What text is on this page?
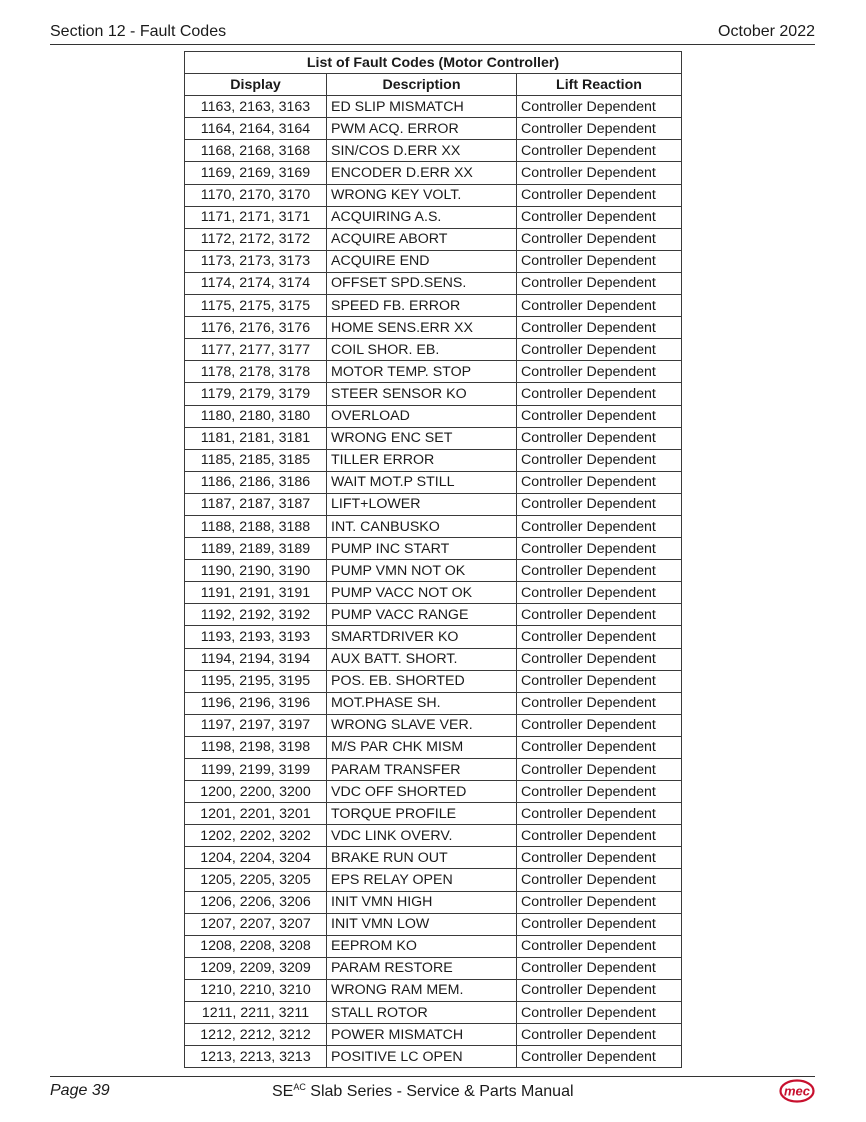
Section 12 - Fault Codes	October 2022
List of Fault Codes (Motor Controller)		
Display	Description	Lift Reaction
1163, 2163, 3163	ED SLIP MISMATCH	Controller Dependent
1164, 2164, 3164	PWM ACQ. ERROR	Controller Dependent
1168, 2168, 3168	SIN/COS D.ERR XX	Controller Dependent
1169, 2169, 3169	ENCODER D.ERR XX	Controller Dependent
1170, 2170, 3170	WRONG KEY VOLT.	Controller Dependent
1171, 2171, 3171	ACQUIRING A.S.	Controller Dependent
1172, 2172, 3172	ACQUIRE ABORT	Controller Dependent
1173, 2173, 3173	ACQUIRE END	Controller Dependent
1174, 2174, 3174	OFFSET SPD.SENS.	Controller Dependent
1175, 2175, 3175	SPEED FB. ERROR	Controller Dependent
1176, 2176, 3176	HOME SENS.ERR XX	Controller Dependent
1177, 2177, 3177	COIL SHOR. EB.	Controller Dependent
1178, 2178, 3178	MOTOR TEMP. STOP	Controller Dependent
1179, 2179, 3179	STEER SENSOR KO	Controller Dependent
1180, 2180, 3180	OVERLOAD	Controller Dependent
1181, 2181, 3181	WRONG ENC SET	Controller Dependent
1185, 2185, 3185	TILLER ERROR	Controller Dependent
1186, 2186, 3186	WAIT MOT.P STILL	Controller Dependent
1187, 2187, 3187	LIFT+LOWER	Controller Dependent
1188, 2188, 3188	INT. CANBUSKO	Controller Dependent
1189, 2189, 3189	PUMP INC START	Controller Dependent
1190, 2190, 3190	PUMP VMN NOT OK	Controller Dependent
1191, 2191, 3191	PUMP VACC NOT OK	Controller Dependent
1192, 2192, 3192	PUMP VACC RANGE	Controller Dependent
1193, 2193, 3193	SMARTDRIVER KO	Controller Dependent
1194, 2194, 3194	AUX BATT. SHORT.	Controller Dependent
1195, 2195, 3195	POS. EB. SHORTED	Controller Dependent
1196, 2196, 3196	MOT.PHASE SH.	Controller Dependent
1197, 2197, 3197	WRONG SLAVE VER.	Controller Dependent
1198, 2198, 3198	M/S PAR CHK MISM	Controller Dependent
1199, 2199, 3199	PARAM TRANSFER	Controller Dependent
1200, 2200, 3200	VDC OFF SHORTED	Controller Dependent
1201, 2201, 3201	TORQUE PROFILE	Controller Dependent
1202, 2202, 3202	VDC LINK OVERV.	Controller Dependent
1204, 2204, 3204	BRAKE RUN OUT	Controller Dependent
1205, 2205, 3205	EPS RELAY OPEN	Controller Dependent
1206, 2206, 3206	INIT VMN HIGH	Controller Dependent
1207, 2207, 3207	INIT VMN LOW	Controller Dependent
1208, 2208, 3208	EEPROM KO	Controller Dependent
1209, 2209, 3209	PARAM RESTORE	Controller Dependent
1210, 2210, 3210	WRONG RAM MEM.	Controller Dependent
1211, 2211, 3211	STALL ROTOR	Controller Dependent
1212, 2212, 3212	POWER MISMATCH	Controller Dependent
1213, 2213, 3213	POSITIVE LC OPEN	Controller Dependent
Page 39	$SE^{AC}$ Slab Series - Service & Parts Manual	mec
